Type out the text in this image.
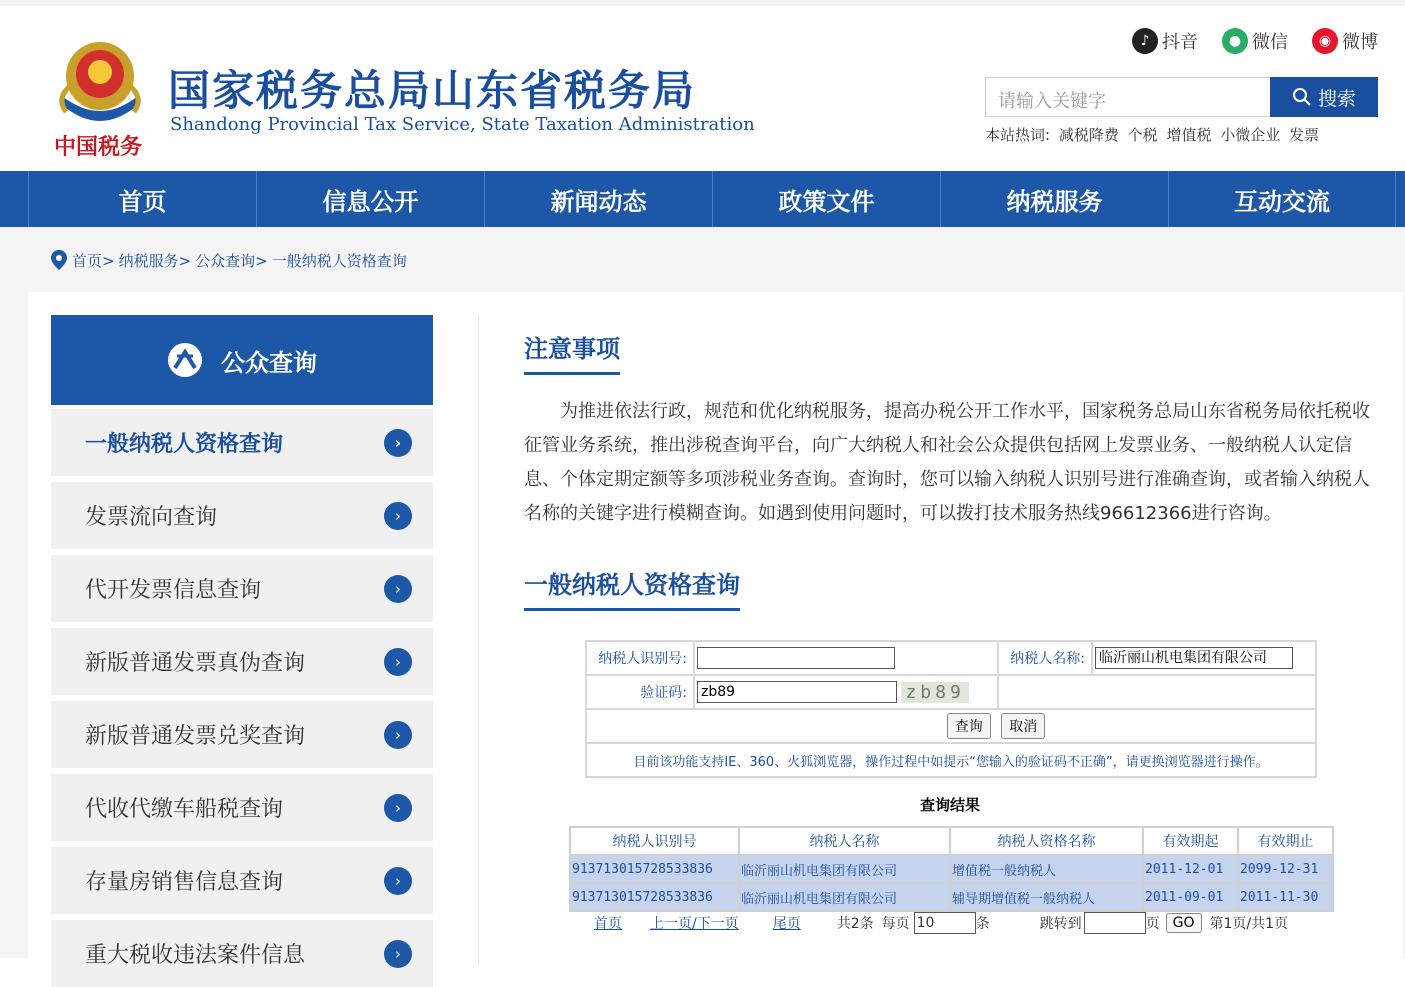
中国税务
国家税务总局山东省税务局
Shandong Provincial Tax Service, State Taxation Administration
♪ 抖音	● 微信	◉ 微博
请输入关键字	搜索
本站热词: 减税降费 个税 增值税 小微企业 发票
首页	信息公开	新闻动态	政策文件	纳税服务	互动交流
首页> 纳税服务> 公众查询> 一般纳税人资格查询
公众查询
一般纳税人资格查询	›
发票流向查询	›
代开发票信息查询	›
新版普通发票真伪查询	›
新版普通发票兑奖查询	›
代收代缴车船税查询	›
存量房销售信息查询	›
重大税收违法案件信息	›
注意事项
为推进依法行政，规范和优化纳税服务，提高办税公开工作水平，国家税务总局山东省税务局依托税收征管业务系统，推出涉税查询平台，向广大纳税人和社会公众提供包括网上发票业务、一般纳税人认定信息、个体定期定额等多项涉税业务查询。查询时，您可以输入纳税人识别号进行准确查询，或者输入纳税人名称的关键字进行模糊查询。如遇到使用问题时，可以拨打技术服务热线96612366进行咨询。
一般纳税人资格查询
纳税人识别号:		纳税人名称:	临沂丽山机电集团有限公司
验证码:	zb89 zb89		
查询 取消			
目前该功能支持IE、360、火狐浏览器，操作过程中如提示“您输入的验证码不正确”，请更换浏览器进行操作。			
查询结果
纳税人识别号	纳税人名称	纳税人资格名称	有效期起	有效期止
913713015728533836	临沂丽山机电集团有限公司	增值税一般纳税人	2011-12-01	2099-12-31
913713015728533836	临沂丽山机电集团有限公司	辅导期增值税一般纳税人	2011-09-01	2011-11-30
首页 上一页/下一页 尾页	共2条 每页 10	条	跳转到	页 GO	第1页/共1页
